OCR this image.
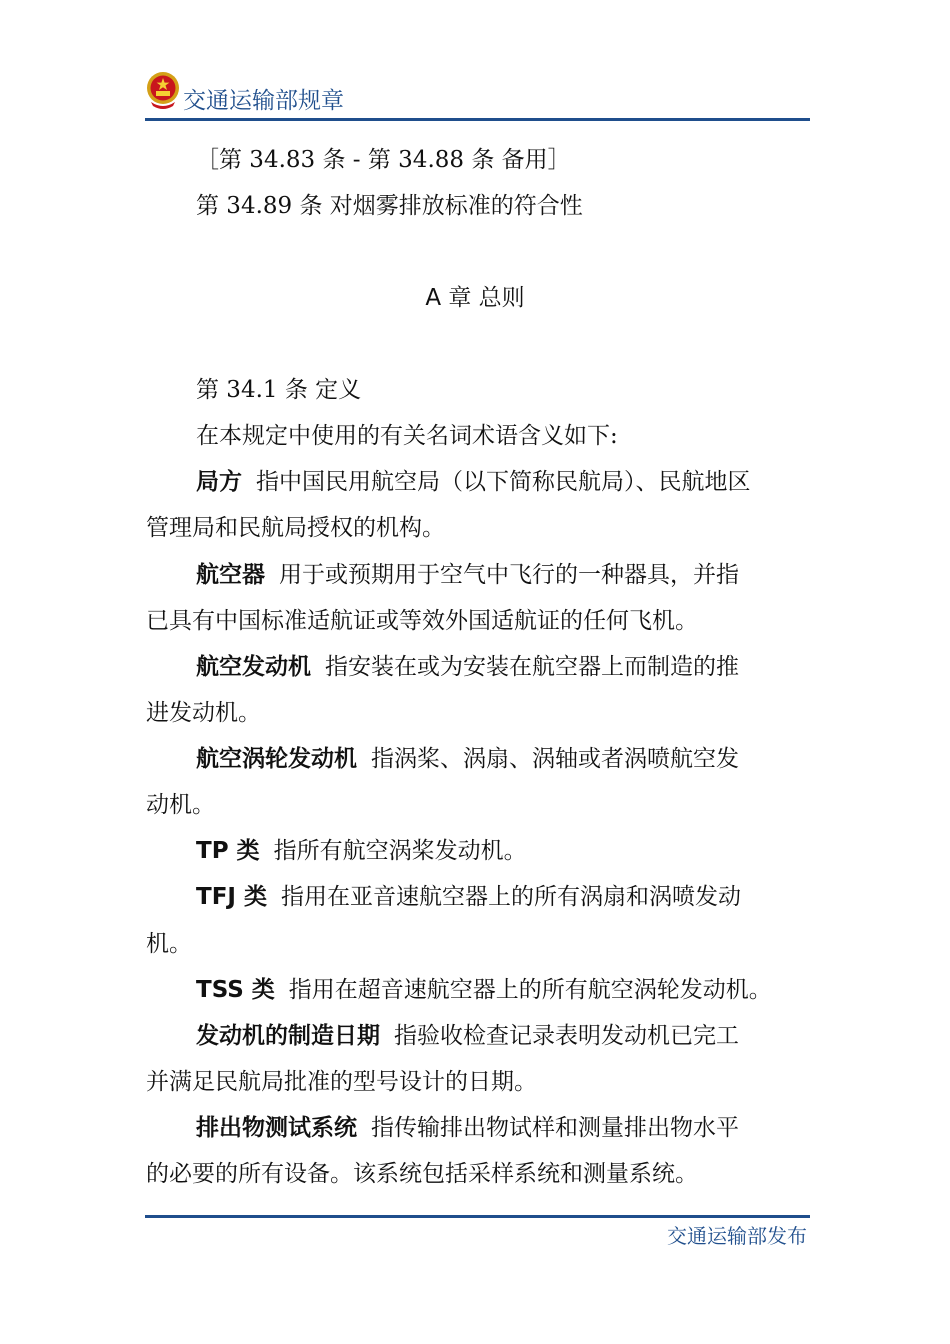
交通运输部规章
［第 34.83 条 - 第 34.88 条 备用］
第 34.89 条 对烟雾排放标准的符合性
A 章 总则
第 34.1 条 定义
在本规定中使用的有关名词术语含义如下:
局方 指中国民用航空局（以下简称民航局）、民航地区
管理局和民航局授权的机构。
航空器 用于或预期用于空气中飞行的一种器具，并指
已具有中国标准适航证或等效外国适航证的任何飞机。
航空发动机 指安装在或为安装在航空器上而制造的推
进发动机。
航空涡轮发动机 指涡桨、涡扇、涡轴或者涡喷航空发
动机。
TP 类 指所有航空涡桨发动机。
TFJ 类 指用在亚音速航空器上的所有涡扇和涡喷发动
机。
TSS 类 指用在超音速航空器上的所有航空涡轮发动机。
发动机的制造日期 指验收检查记录表明发动机已完工
并满足民航局批准的型号设计的日期。
排出物测试系统 指传输排出物试样和测量排出物水平
的必要的所有设备。该系统包括采样系统和测量系统。
交通运输部发布
